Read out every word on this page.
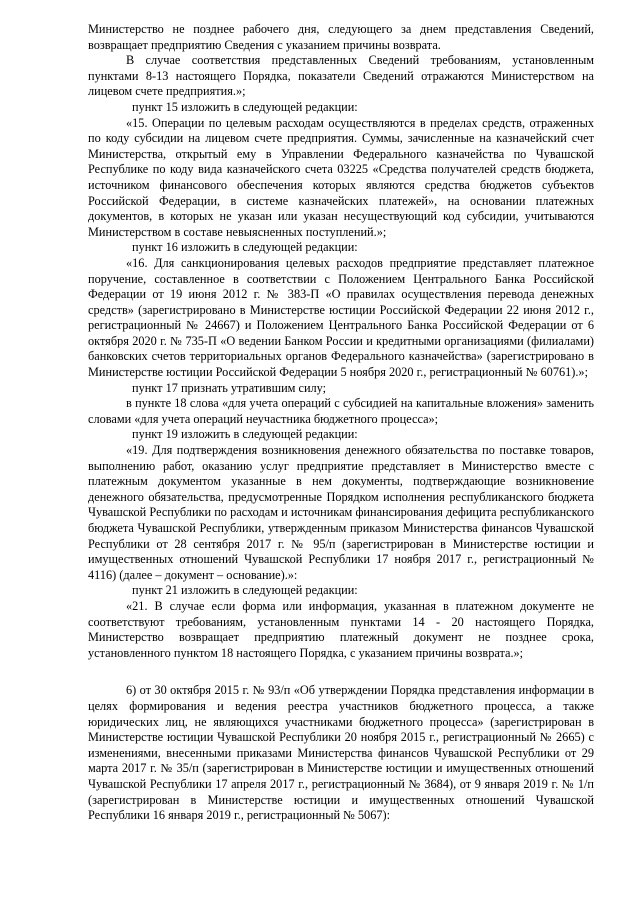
Министерство не позднее рабочего дня, следующего за днем представления Сведений, возвращает предприятию Сведения с указанием причины возврата.

В случае соответствия представленных Сведений требованиям, установленным пунктами 8-13 настоящего Порядка, показатели Сведений отражаются Министерством на лицевом счете предприятия.»;

пункт 15 изложить в следующей редакции:

«15. Операции по целевым расходам осуществляются в пределах средств, отраженных по коду субсидии на лицевом счете предприятия. Суммы, зачисленные на казначейский счет Министерства, открытый ему в Управлении Федерального казначейства по Чувашской Республике по коду вида казначейского счета 03225 «Средства получателей средств бюджета, источником финансового обеспечения которых являются средства бюджетов субъектов Российской Федерации, в системе казначейских платежей», на основании платежных документов, в которых не указан или указан несуществующий код субсидии, учитываются Министерством в составе невыясненных поступлений.»;

пункт 16 изложить в следующей редакции:

«16. Для санкционирования целевых расходов предприятие представляет платежное поручение, составленное в соответствии с Положением Центрального Банка Российской Федерации от 19 июня 2012 г. № 383-П «О правилах осуществления перевода денежных средств» (зарегистрировано в Министерстве юстиции Российской Федерации 22 июня 2012 г., регистрационный № 24667) и Положением Центрального Банка Российской Федерации от 6 октября 2020 г. № 735-П «О ведении Банком России и кредитными организациями (филиалами) банковских счетов территориальных органов Федерального казначейства» (зарегистрировано в Министерстве юстиции Российской Федерации 5 ноября 2020 г., регистрационный № 60761).»;

пункт 17 признать утратившим силу;

в пункте 18 слова «для учета операций с субсидией на капитальные вложения» заменить словами «для учета операций неучастника бюджетного процесса»;

пункт 19 изложить в следующей редакции:

«19. Для подтверждения возникновения денежного обязательства по поставке товаров, выполнению работ, оказанию услуг предприятие представляет в Министерство вместе с платежным документом указанные в нем документы, подтверждающие возникновение денежного обязательства, предусмотренные Порядком исполнения республиканского бюджета Чувашской Республики по расходам и источникам финансирования дефицита республиканского бюджета Чувашской Республики, утвержденным приказом Министерства финансов Чувашской Республики от 28 сентября 2017 г. № 95/п (зарегистрирован в Министерстве юстиции и имущественных отношений Чувашской Республики 17 ноября 2017 г., регистрационный № 4116) (далее – документ – основание).»:

пункт 21 изложить в следующей редакции:

«21. В случае если форма или информация, указанная в платежном документе не соответствуют требованиям, установленным пунктами 14 - 20 настоящего Порядка, Министерство возвращает предприятию платежный документ не позднее срока, установленного пунктом 18 настоящего Порядка, с указанием причины возврата.»;

6) от 30 октября 2015 г. № 93/п «Об утверждении Порядка представления информации в целях формирования и ведения реестра участников бюджетного процесса, а также юридических лиц, не являющихся участниками бюджетного процесса» (зарегистрирован в Министерстве юстиции Чувашской Республики 20 ноября 2015 г., регистрационный № 2665) с изменениями, внесенными приказами Министерства финансов Чувашской Республики от 29 марта 2017 г. № 35/п (зарегистрирован в Министерстве юстиции и имущественных отношений Чувашской Республики 17 апреля 2017 г., регистрационный № 3684), от 9 января 2019 г. № 1/п (зарегистрирован в Министерстве юстиции и имущественных отношений Чувашской Республики 16 января 2019 г., регистрационный № 5067):
